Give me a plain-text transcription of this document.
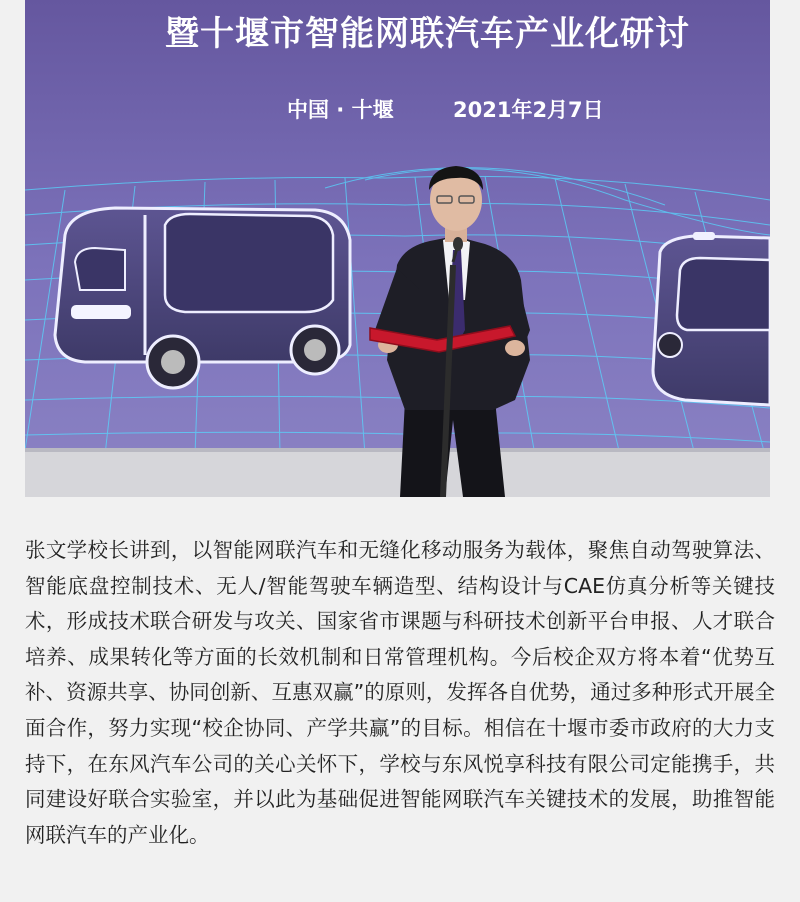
暨十堰市智能网联汽车产业化研讨
中国 · 十堰	2021年2月7日

张文学校长讲到，以智能网联汽车和无缝化移动服务为载体，聚焦自动驾驶算法、智能底盘控制技术、无人/智能驾驶车辆造型、结构设计与CAE仿真分析等关键技术，形成技术联合研发与攻关、国家省市课题与科研技术创新平台申报、人才联合培养、成果转化等方面的长效机制和日常管理机构。今后校企双方将本着“优势互补、资源共享、协同创新、互惠双赢”的原则，发挥各自优势，通过多种形式开展全面合作，努力实现“校企协同、产学共赢”的目标。相信在十堰市委市政府的大力支持下，在东风汽车公司的关心关怀下，学校与东风悦享科技有限公司定能携手，共同建设好联合实验室，并以此为基础促进智能网联汽车关键技术的发展，助推智能网联汽车的产业化。
